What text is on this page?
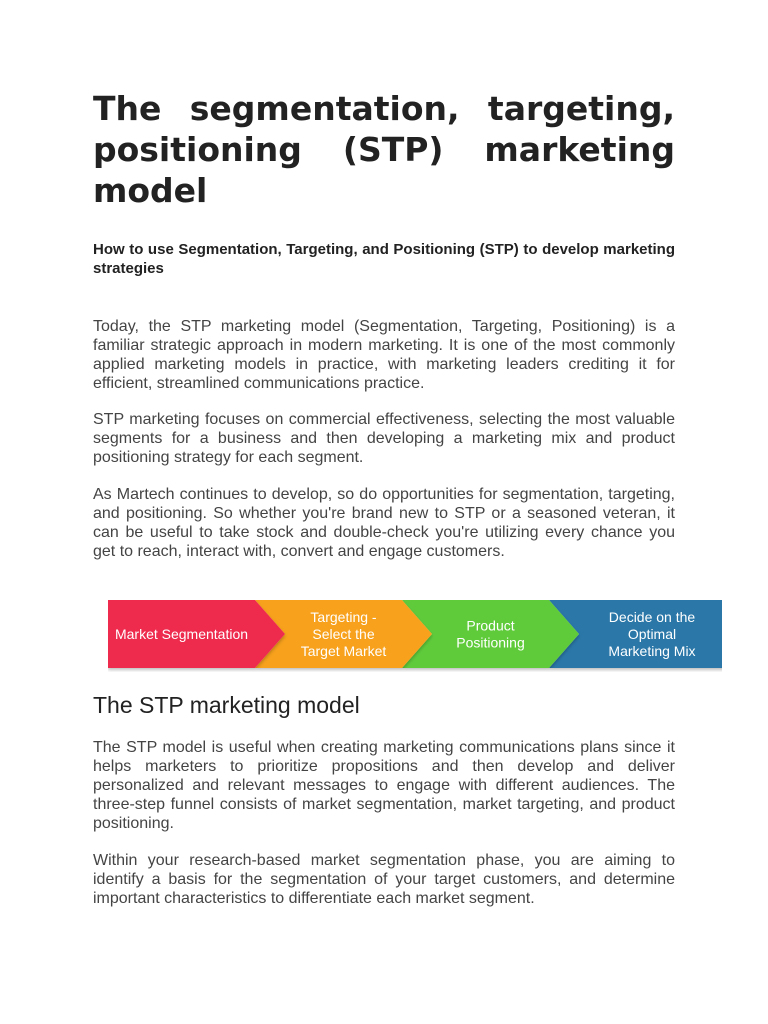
The segmentation, targeting, positioning (STP) marketing model
How to use Segmentation, Targeting, and Positioning (STP) to develop marketing strategies

Today, the STP marketing model (Segmentation, Targeting, Positioning) is a familiar strategic approach in modern marketing. It is one of the most commonly applied marketing models in practice, with marketing leaders crediting it for efficient, streamlined communications practice.

STP marketing focuses on commercial effectiveness, selecting the most valuable segments for a business and then developing a marketing mix and product positioning strategy for each segment.

As Martech continues to develop, so do opportunities for segmentation, targeting, and positioning. So whether you're brand new to STP or a seasoned veteran, it can be useful to take stock and double-check you're utilizing every chance you get to reach, interact with, convert and engage customers.

The STP marketing model

The STP model is useful when creating marketing communications plans since it helps marketers to prioritize propositions and then develop and deliver personalized and relevant messages to engage with different audiences. The three-step funnel consists of market segmentation, market targeting, and product positioning.

Within your research-based market segmentation phase, you are aiming to identify a basis for the segmentation of your target customers, and determine important characteristics to differentiate each market segment.

Market Segmentation
Targeting -
Select the
Target Market
Product
Positioning
Decide on the
Optimal
Marketing Mix
